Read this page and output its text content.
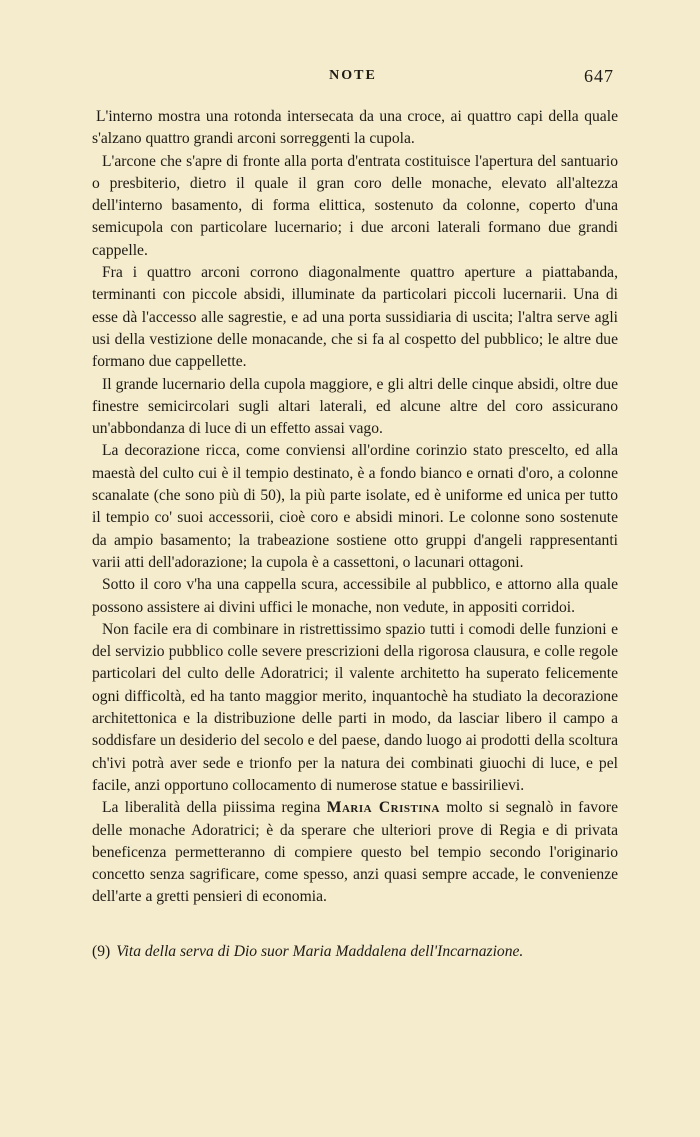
NOTE	647

L'interno mostra una rotonda intersecata da una croce, ai quattro capi della quale s'alzano quattro grandi arconi sorreggenti la cupola.

L'arcone che s'apre di fronte alla porta d'entrata costituisce l'apertura del santuario o presbiterio, dietro il quale il gran coro delle monache, elevato all'altezza dell'interno basamento, di forma elittica, sostenuto da colonne, coperto d'una semicupola con particolare lucernario; i due arconi laterali formano due grandi cappelle.

Fra i quattro arconi corrono diagonalmente quattro aperture a piattabanda, terminanti con piccole absidi, illuminate da particolari piccoli lucernarii. Una di esse dà l'accesso alle sagrestie, e ad una porta sussidiaria di uscita; l'altra serve agli usi della vestizione delle monacande, che si fa al cospetto del pubblico; le altre due formano due cappellette.

Il grande lucernario della cupola maggiore, e gli altri delle cinque absidi, oltre due finestre semicircolari sugli altari laterali, ed alcune altre del coro assicurano un'abbondanza di luce di un effetto assai vago.

La decorazione ricca, come conviensi all'ordine corinzio stato prescelto, ed alla maestà del culto cui è il tempio destinato, è a fondo bianco e ornati d'oro, a colonne scanalate (che sono più di 50), la più parte isolate, ed è uniforme ed unica per tutto il tempio co' suoi accessorii, cioè coro e absidi minori. Le colonne sono sostenute da ampio basamento; la trabeazione sostiene otto gruppi d'angeli rappresentanti varii atti dell'adorazione; la cupola è a cassettoni, o lacunari ottagoni.

Sotto il coro v'ha una cappella scura, accessibile al pubblico, e attorno alla quale possono assistere ai divini uffici le monache, non vedute, in appositi corridoi.

Non facile era di combinare in ristrettissimo spazio tutti i comodi delle funzioni e del servizio pubblico colle severe prescrizioni della rigorosa clausura, e colle regole particolari del culto delle Adoratrici; il valente architetto ha superato felicemente ogni difficoltà, ed ha tanto maggior merito, inquantochè ha studiato la decorazione architettonica e la distribuzione delle parti in modo, da lasciar libero il campo a soddisfare un desiderio del secolo e del paese, dando luogo ai prodotti della scoltura ch'ivi potrà aver sede e trionfo per la natura dei combinati giuochi di luce, e pel facile, anzi opportuno collocamento di numerose statue e bassirilievi.

La liberalità della piissima regina Maria Cristina molto si segnalò in favore delle monache Adoratrici; è da sperare che ulteriori prove di Regia e di privata beneficenza permetteranno di compiere questo bel tempio secondo l'originario concetto senza sagrificare, come spesso, anzi quasi sempre accade, le convenienze dell'arte a gretti pensieri di economia.

(9) Vita della serva di Dio suor Maria Maddalena dell'Incarnazione.
